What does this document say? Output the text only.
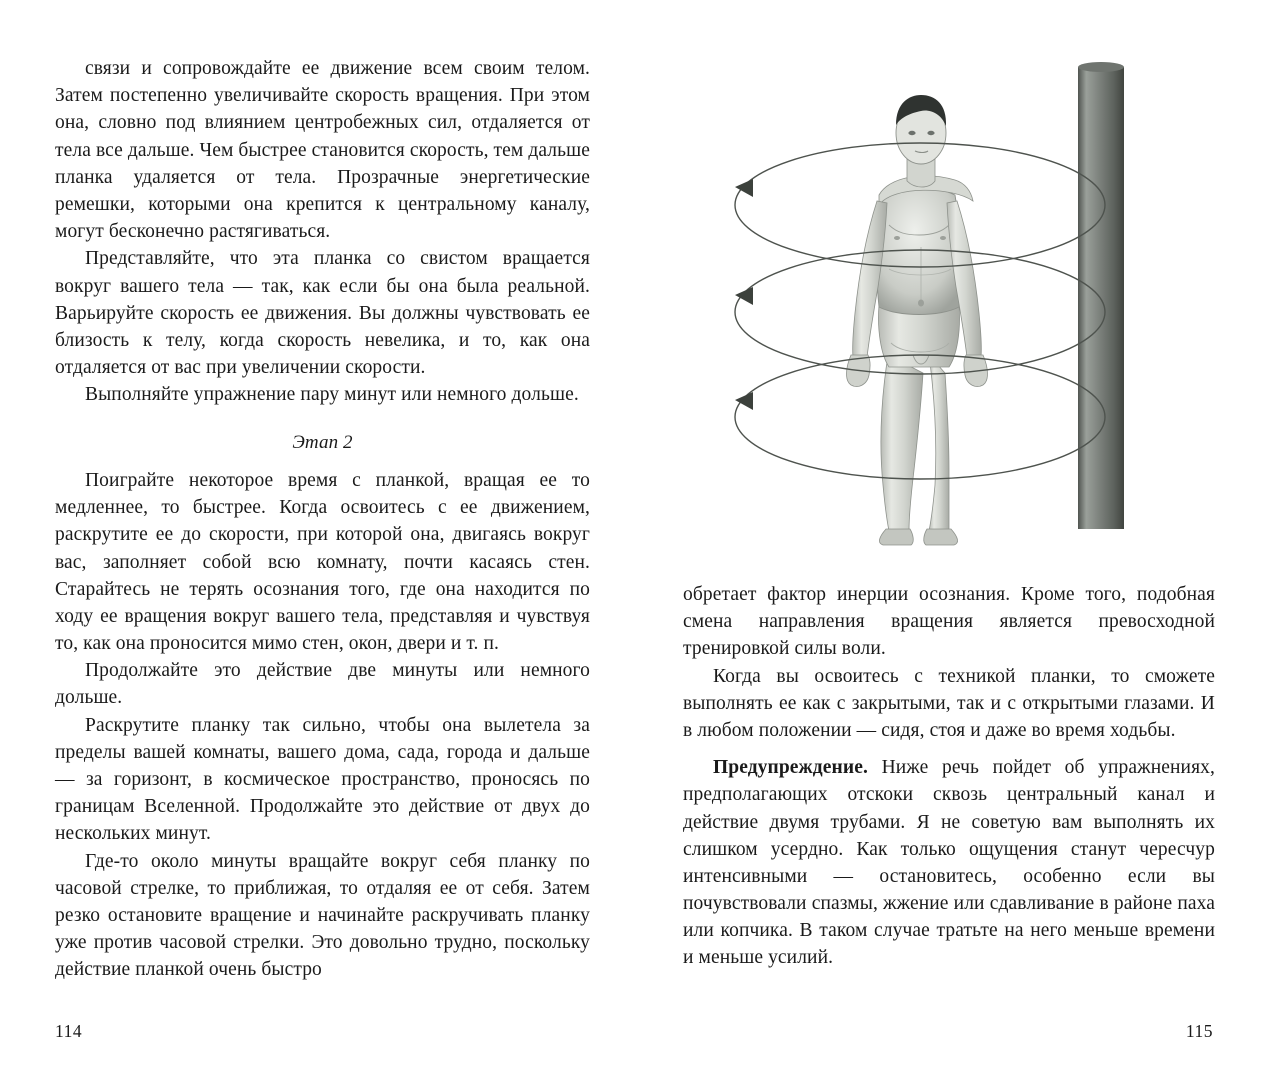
связи и сопровождайте ее движение всем своим телом. Затем постепенно увеличивайте скорость вращения. При этом она, словно под влиянием центробежных сил, отдаляется от тела все дальше. Чем быстрее становится скорость, тем дальше планка удаляется от тела. Прозрачные энергетические ремешки, которыми она крепится к центральному каналу, могут бесконечно растягиваться.

Представляйте, что эта планка со свистом вращается вокруг вашего тела — так, как если бы она была реальной. Варьируйте скорость ее движения. Вы должны чувствовать ее близость к телу, когда скорость невелика, и то, как она отдаляется от вас при увеличении скорости.

Выполняйте упражнение пару минут или немного дольше.

Этап 2

Поиграйте некоторое время с планкой, вращая ее то медленнее, то быстрее. Когда освоитесь с ее движением, раскрутите ее до скорости, при которой она, двигаясь вокруг вас, заполняет собой всю комнату, почти касаясь стен. Старайтесь не терять осознания того, где она находится по ходу ее вращения вокруг вашего тела, представляя и чувствуя то, как она проносится мимо стен, окон, двери и т. п.

Продолжайте это действие две минуты или немного дольше.

Раскрутите планку так сильно, чтобы она вылетела за пределы вашей комнаты, вашего дома, сада, города и дальше — за горизонт, в космическое пространство, проносясь по границам Вселенной. Продолжайте это действие от двух до нескольких минут.

Где-то около минуты вращайте вокруг себя планку по часовой стрелке, то приближая, то отдаляя ее от себя. Затем резко остановите вращение и начинайте раскручивать планку уже против часовой стрелки. Это довольно трудно, поскольку действие планкой очень быстро

114

обретает фактор инерции осознания. Кроме того, подобная смена направления вращения является превосходной тренировкой силы воли.

Когда вы освоитесь с техникой планки, то сможете выполнять ее как с закрытыми, так и с открытыми глазами. И в любом положении — сидя, стоя и даже во время ходьбы.

Предупреждение. Ниже речь пойдет об упражнениях, предполагающих отскоки сквозь центральный канал и действие двумя трубами. Я не советую вам выполнять их слишком усердно. Как только ощущения станут чересчур интенсивными — остановитесь, особенно если вы почувствовали спазмы, жжение или сдавливание в районе паха или копчика. В таком случае тратьте на него меньше времени и меньше усилий.

115
